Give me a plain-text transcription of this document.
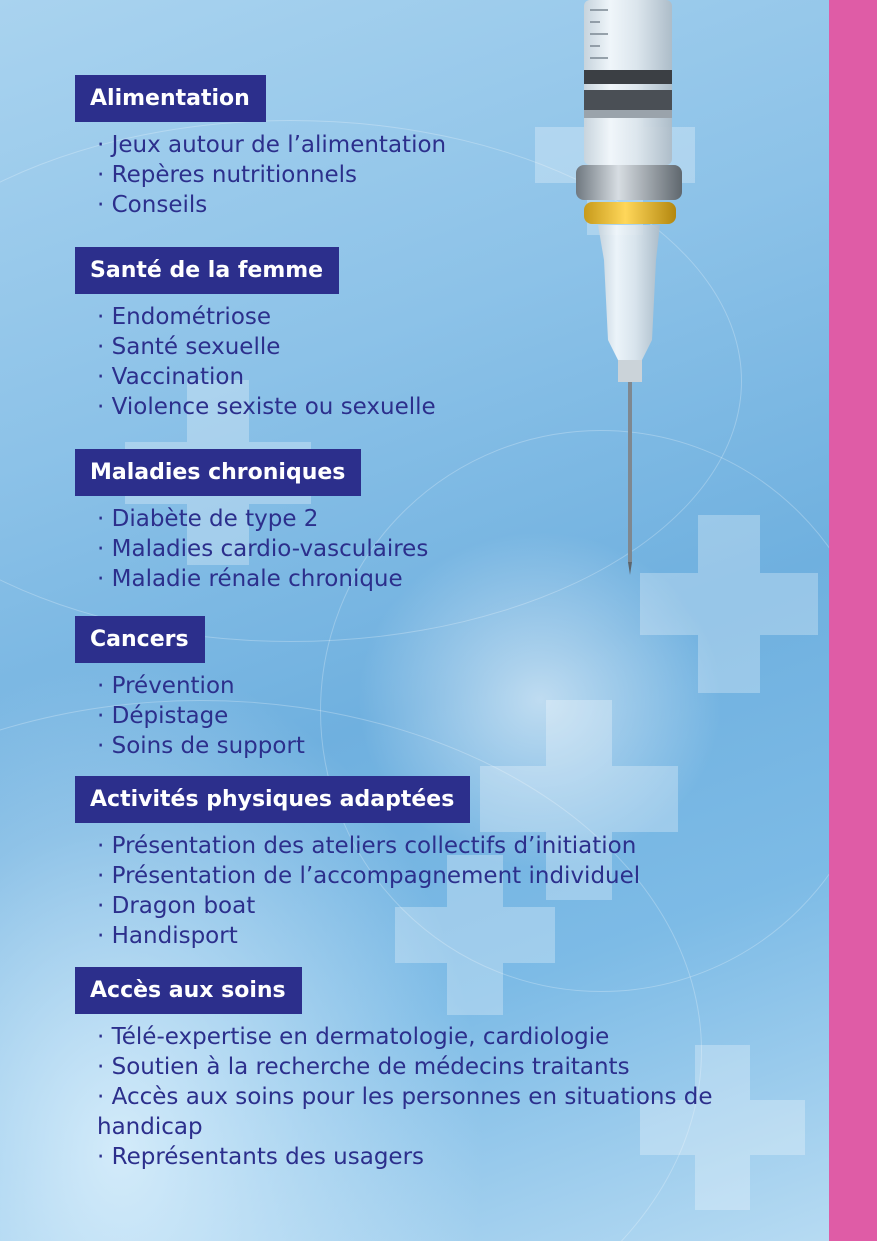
Alimentation
· Jeux autour de l’alimentation
· Repères nutritionnels
· Conseils
Santé de la femme
· Endométriose
· Santé sexuelle
· Vaccination
· Violence sexiste ou sexuelle
Maladies chroniques
· Diabète de type 2
· Maladies cardio-vasculaires
· Maladie rénale chronique
Cancers
· Prévention
· Dépistage
· Soins de support
Activités physiques adaptées
· Présentation des ateliers collectifs d’initiation
· Présentation de l’accompagnement individuel
· Dragon boat
· Handisport
Accès aux soins
· Télé-expertise en dermatologie, cardiologie
· Soutien à la recherche de médecins traitants
· Accès aux soins pour les personnes en situations de handicap
· Représentants des usagers
